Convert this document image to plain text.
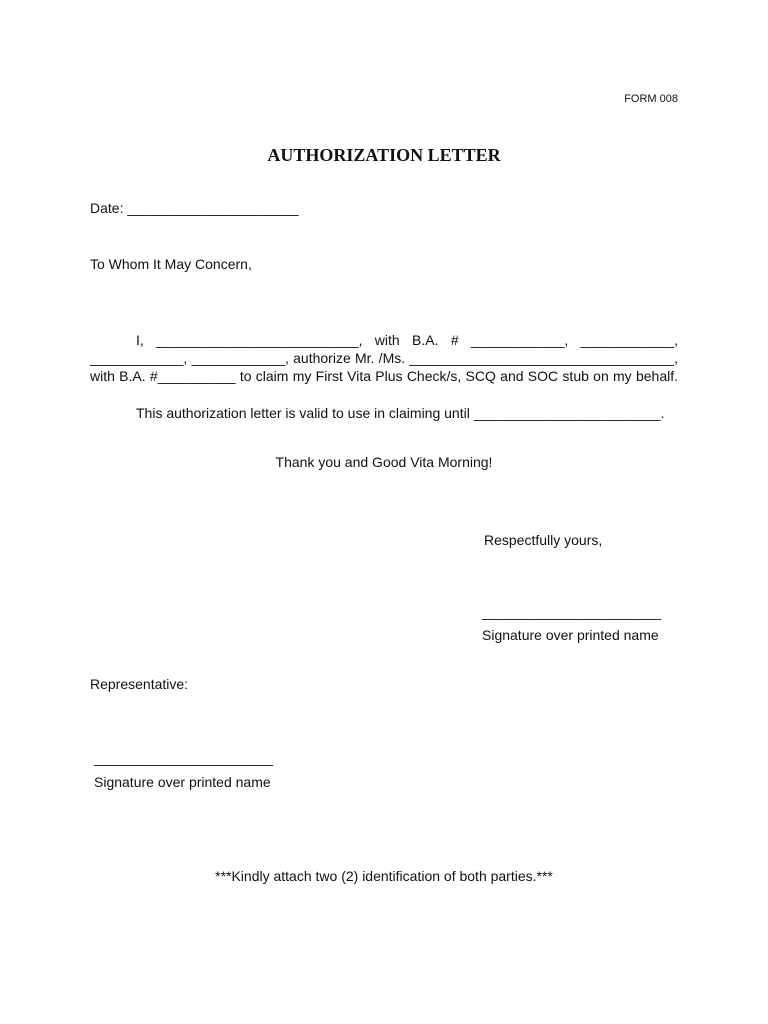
FORM 008
AUTHORIZATION LETTER
Date: ______________________
To Whom It May Concern,
I, __________________________, with B.A. # ____________, ____________,
____________, ____________, authorize Mr. /Ms. __________________________________,
with B.A. #__________ to claim my First Vita Plus Check/s, SCQ and SOC stub on my behalf.
This authorization letter is valid to use in claiming until ________________________.
Thank you and Good Vita Morning!
Respectfully yours,
_______________________
Signature over printed name
Representative:
_______________________
Signature over printed name
***Kindly attach two (2) identification of both parties.***
